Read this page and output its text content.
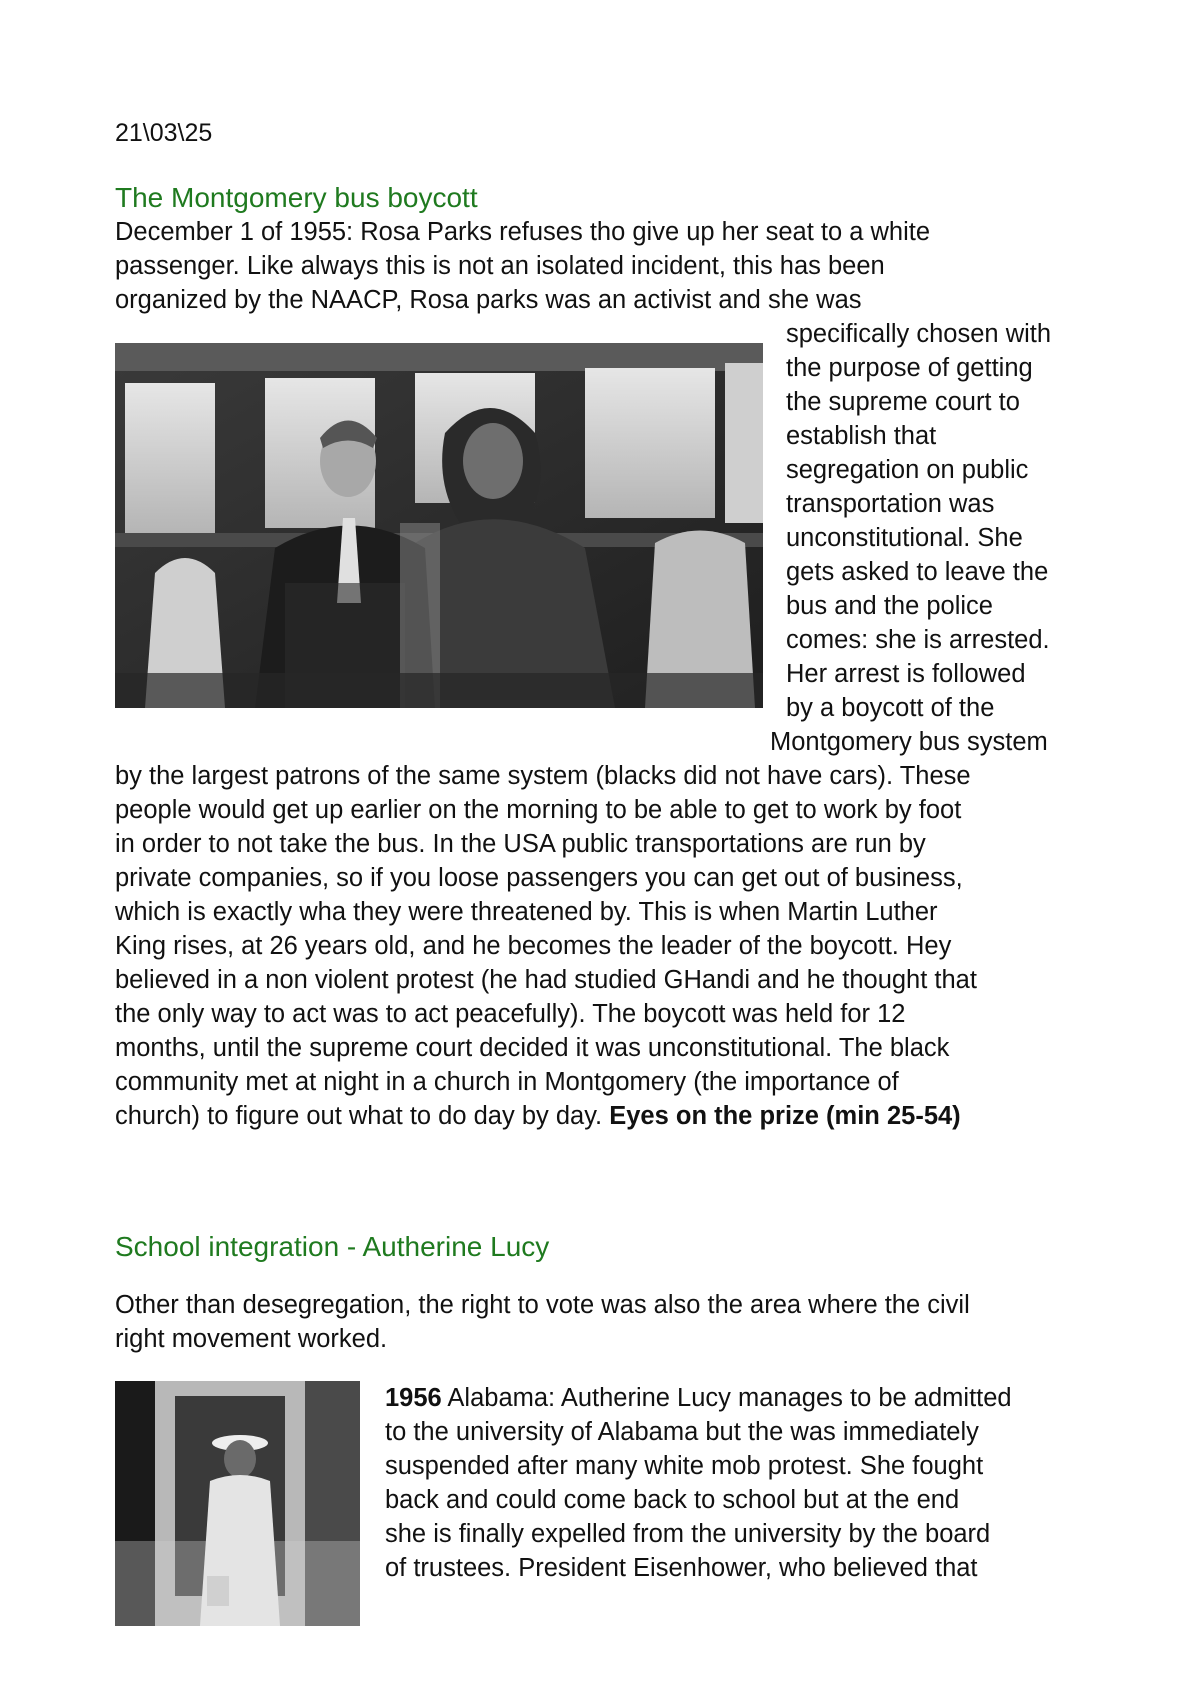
21\03\25
The Montgomery bus boycott
December 1 of 1955: Rosa Parks refuses tho give up her seat to a white
passenger. Like always this is not an isolated incident, this has been
organized by the NAACP, Rosa parks was an activist and she was
specifically chosen with
the purpose of getting
the supreme court to
establish that
segregation on public
transportation was
unconstitutional. She
gets asked to leave the
bus and the police
comes: she is arrested.
Her arrest is followed
by a boycott of the
Montgomery bus system
by the largest patrons of the same system (blacks did not have cars). These
people would get up earlier on the morning to be able to get to work by foot
in order to not take the bus. In the USA public transportations are run by
private companies, so if you loose passengers you can get out of business,
which is exactly wha they were threatened by. This is when Martin Luther
King rises, at 26 years old, and he becomes the leader of the boycott. Hey
believed in a non violent protest (he had studied GHandi and he thought that
the only way to act was to act peacefully). The boycott was held for 12
months, until the supreme court decided it was unconstitutional. The black
community met at night in a church in Montgomery (the importance of
church) to figure out what to do day by day. Eyes on the prize (min 25-54)
School integration - Autherine Lucy
Other than desegregation, the right to vote was also the area where the civil
right movement worked.
1956 Alabama: Autherine Lucy manages to be admitted
to the university of Alabama but the was immediately
suspended after many white mob protest. She fought
back and could come back to school but at the end
she is finally expelled from the university by the board
of trustees. President Eisenhower, who believed that
